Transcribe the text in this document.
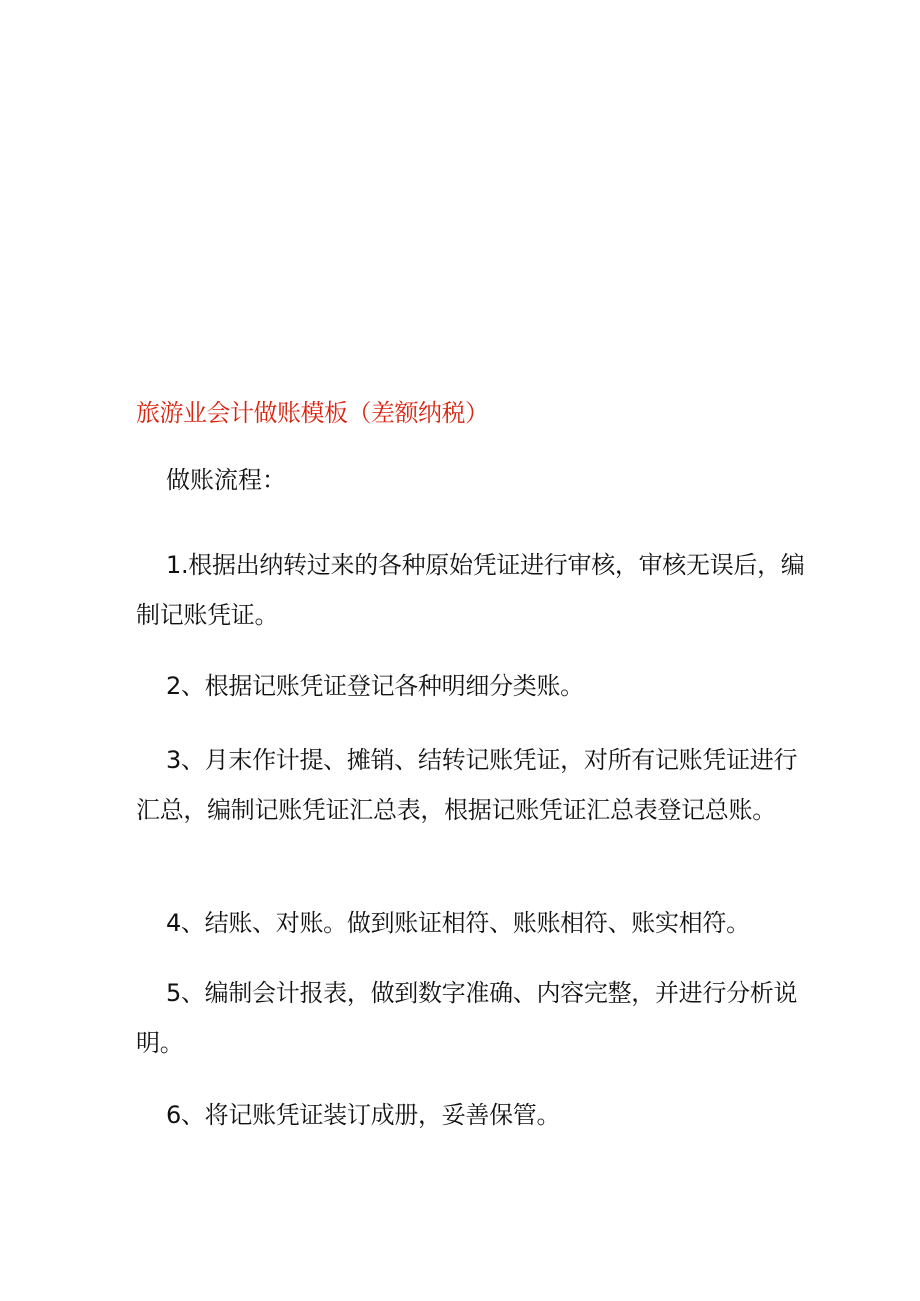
旅游业会计做账模板（差额纳税）
做账流程：
1.根据出纳转过来的各种原始凭证进行审核，审核无误后，编制记账凭证。
2、根据记账凭证登记各种明细分类账。
3、月末作计提、摊销、结转记账凭证，对所有记账凭证进行汇总，编制记账凭证汇总表，根据记账凭证汇总表登记总账。
4、结账、对账。做到账证相符、账账相符、账实相符。
5、编制会计报表，做到数字准确、内容完整，并进行分析说明。
6、将记账凭证装订成册，妥善保管。
